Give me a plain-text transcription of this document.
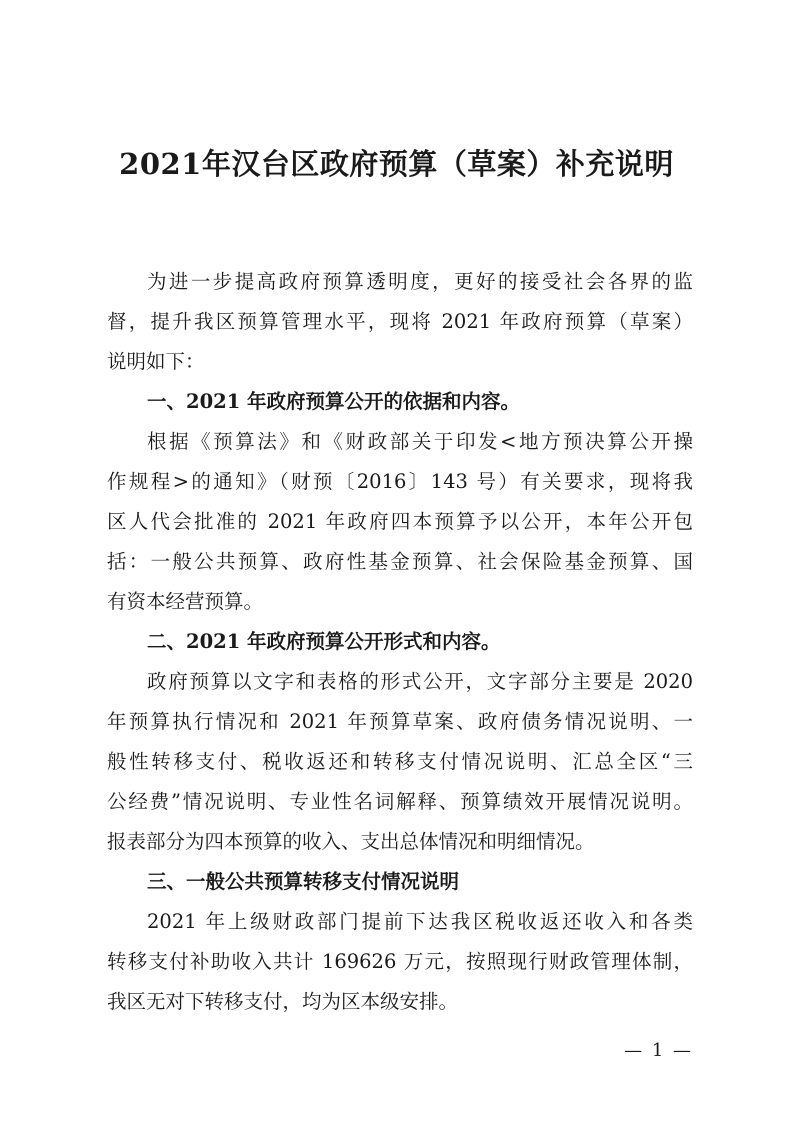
2021年汉台区政府预算（草案）补充说明
为进一步提高政府预算透明度，更好的接受社会各界的监
督，提升我区预算管理水平，现将 2021 年政府预算（草案）
说明如下：
一、2021 年政府预算公开的依据和内容。
根据《预算法》和《财政部关于印发<地方预决算公开操
作规程>的通知》（财预〔2016〕143 号）有关要求，现将我
区人代会批准的 2021 年政府四本预算予以公开，本年公开包
括：一般公共预算、政府性基金预算、社会保险基金预算、国
有资本经营预算。
二、2021 年政府预算公开形式和内容。
政府预算以文字和表格的形式公开，文字部分主要是 2020
年预算执行情况和 2021 年预算草案、政府债务情况说明、一
般性转移支付、税收返还和转移支付情况说明、汇总全区“三
公经费”情况说明、专业性名词解释、预算绩效开展情况说明。
报表部分为四本预算的收入、支出总体情况和明细情况。
三、一般公共预算转移支付情况说明
2021 年上级财政部门提前下达我区税收返还收入和各类
转移支付补助收入共计 169626 万元，按照现行财政管理体制，
我区无对下转移支付，均为区本级安排。
— 1 —
